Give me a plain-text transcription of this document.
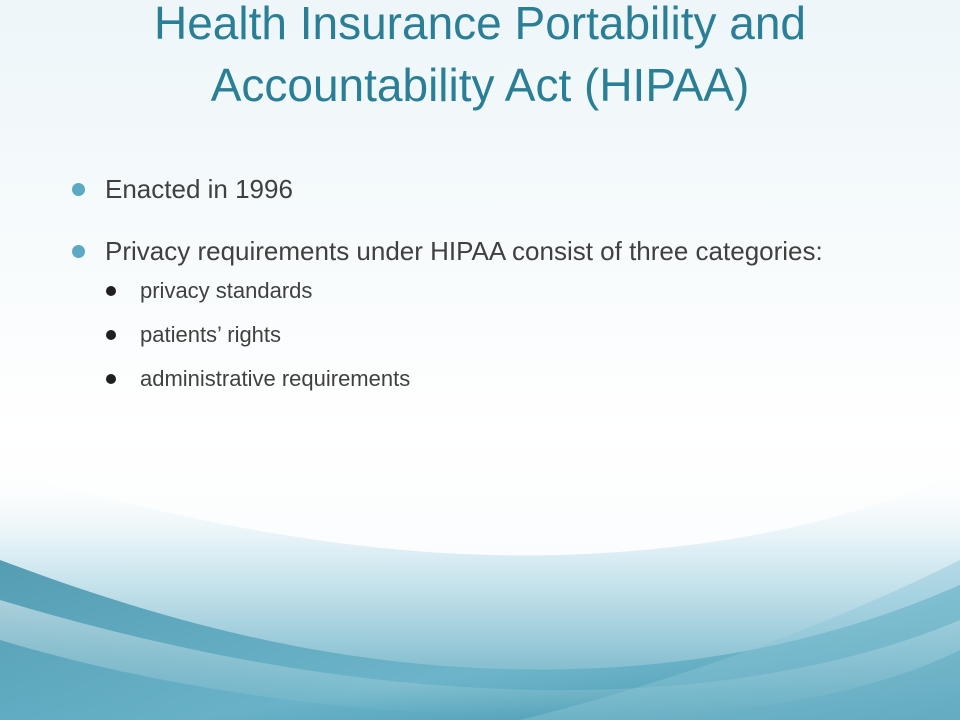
Health Insurance Portability and
Accountability Act (HIPAA)
Enacted in 1996
Privacy requirements under HIPAA consist of three categories:
privacy standards
patients’ rights
administrative requirements
